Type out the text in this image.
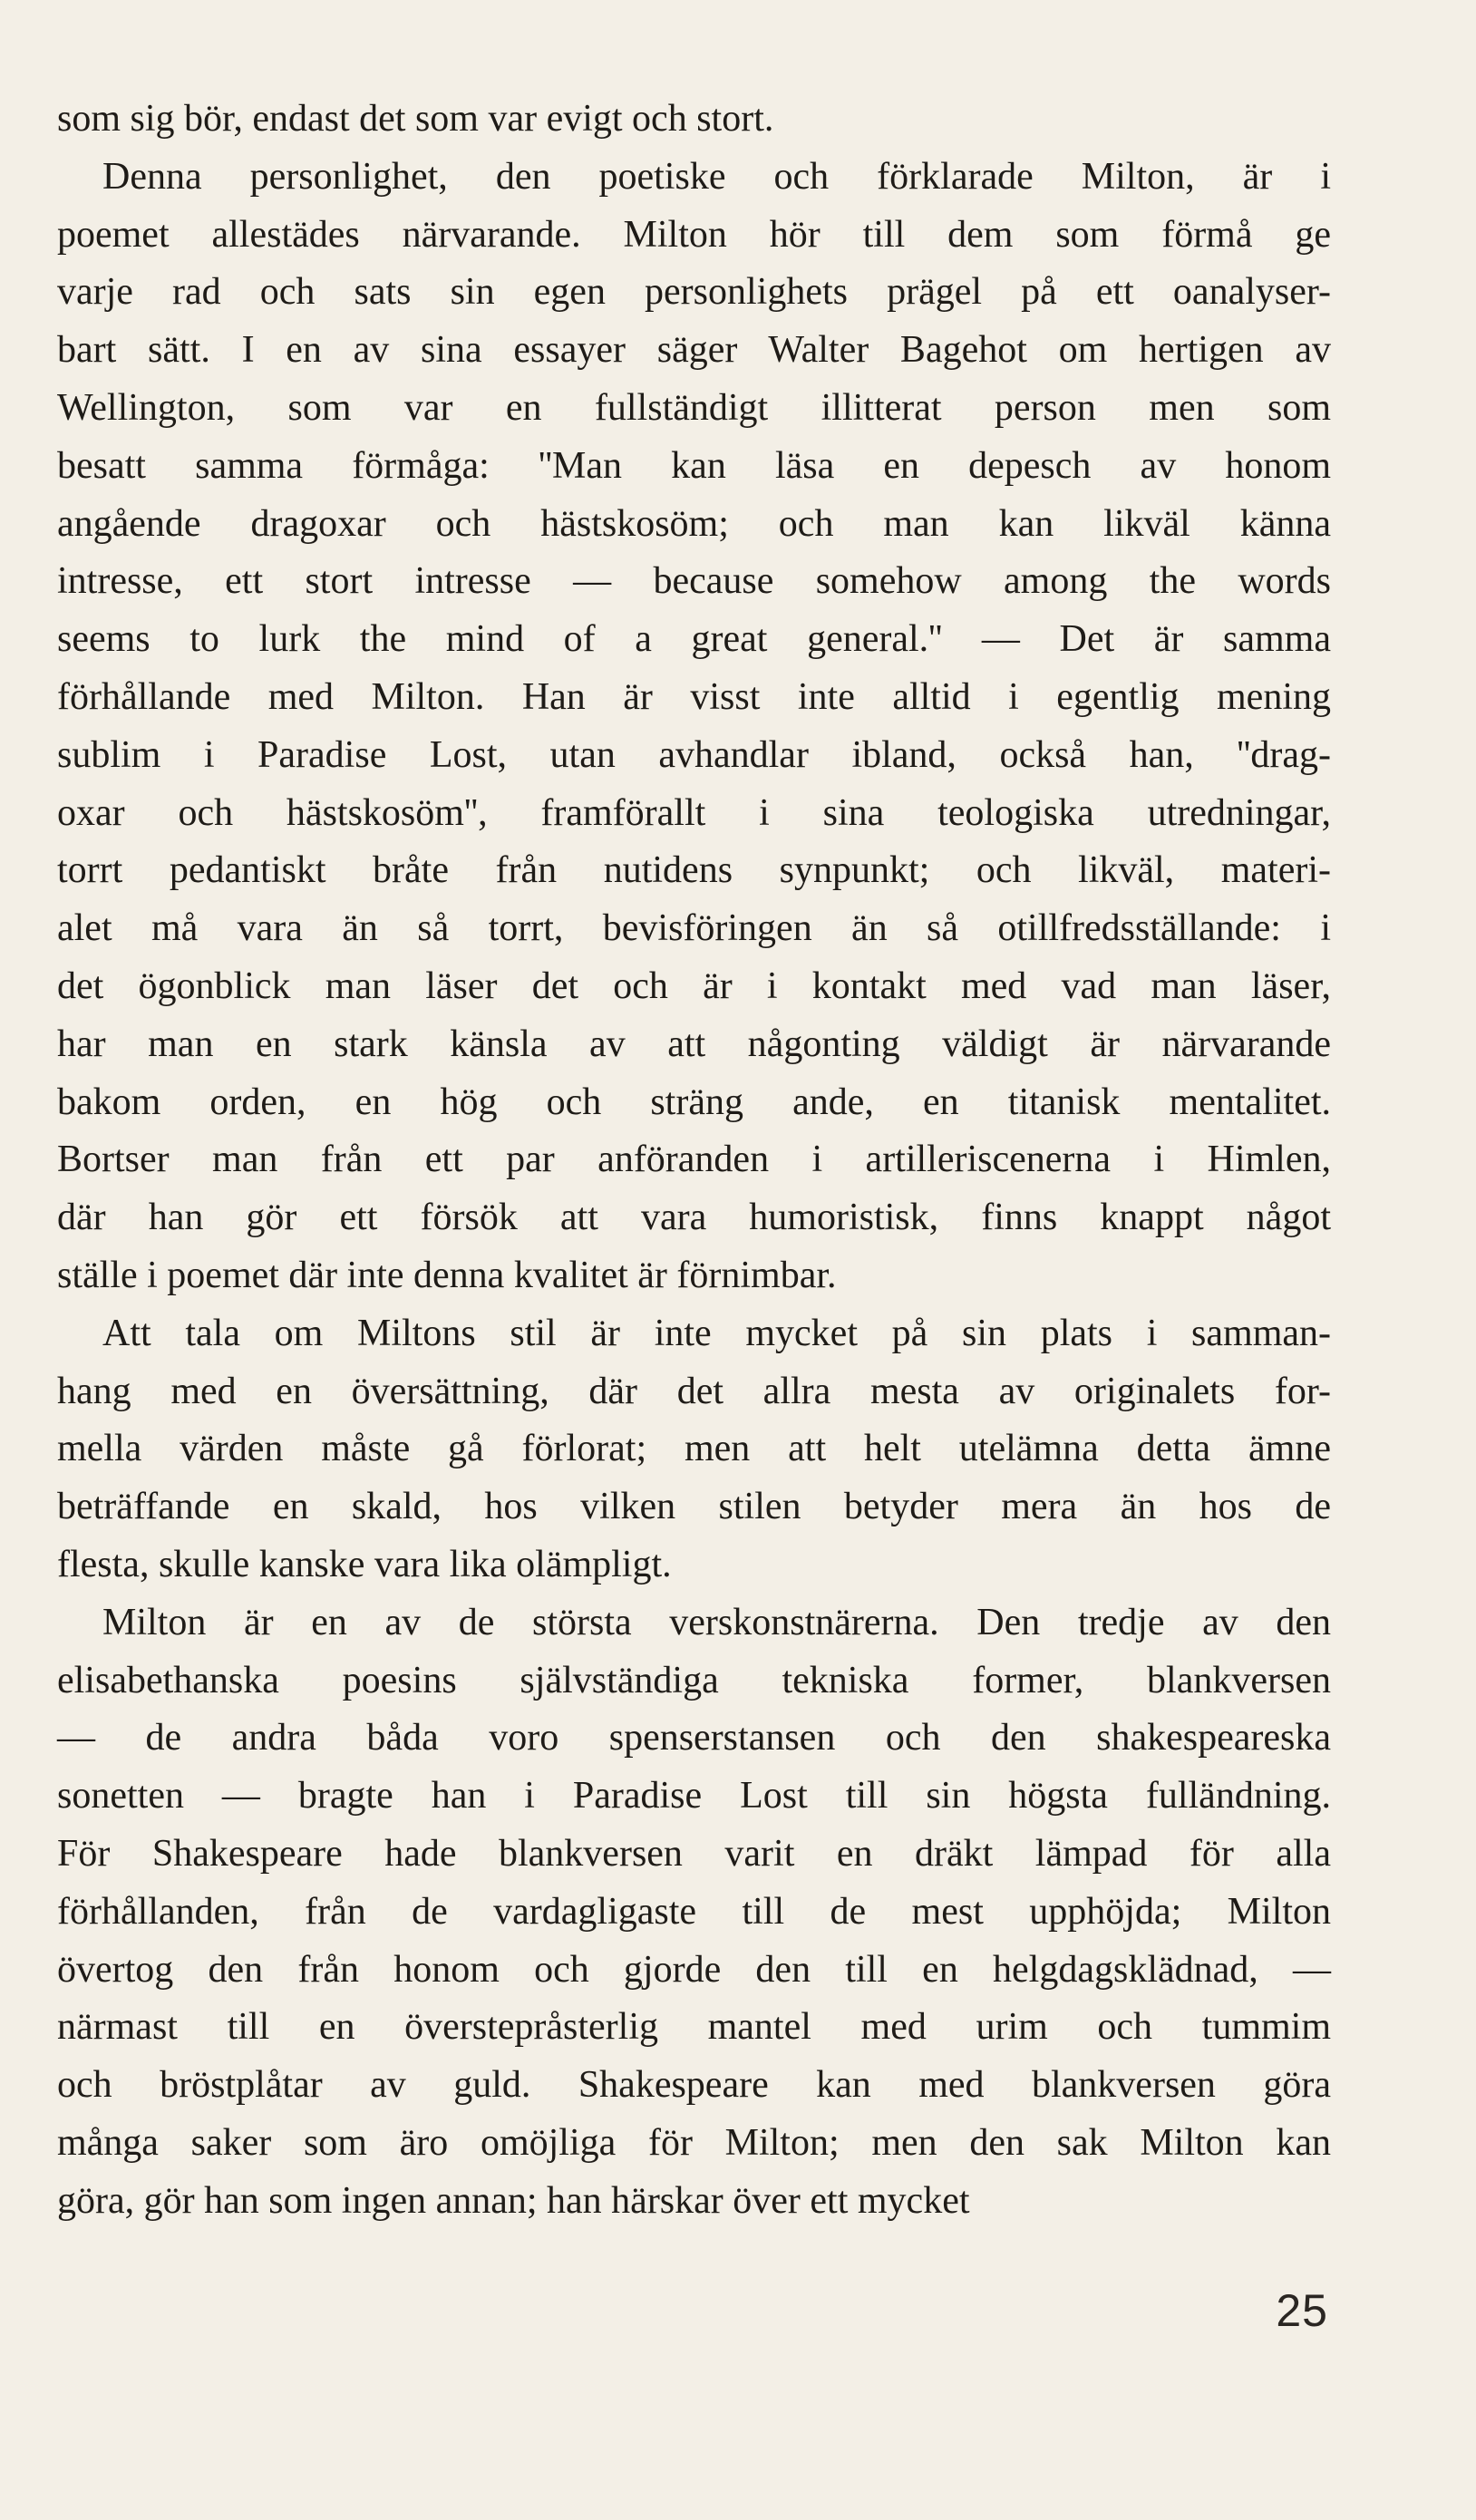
som sig bör, endast det som var evigt och stort.
Denna personlighet, den poetiske och förklarade Milton, är i
poemet allestädes närvarande. Milton hör till dem som förmå ge
varje rad och sats sin egen personlighets prägel på ett oanalyser-
bart sätt. I en av sina essayer säger Walter Bagehot om hertigen av
Wellington, som var en fullständigt illitterat person men som
besatt samma förmåga: ''Man kan läsa en depesch av honom
angående dragoxar och hästskosöm; och man kan likväl känna
intresse, ett stort intresse — because somehow among the words
seems to lurk the mind of a great general.'' — Det är samma
förhållande med Milton. Han är visst inte alltid i egentlig mening
sublim i Paradise Lost, utan avhandlar ibland, också han, ''drag-
oxar och hästskosöm'', framförallt i sina teologiska utredningar,
torrt pedantiskt bråte från nutidens synpunkt; och likväl, materi-
alet må vara än så torrt, bevisföringen än så otillfredsställande: i
det ögonblick man läser det och är i kontakt med vad man läser,
har man en stark känsla av att någonting väldigt är närvarande
bakom orden, en hög och sträng ande, en titanisk mentalitet.
Bortser man från ett par anföranden i artilleriscenerna i Himlen,
där han gör ett försök att vara humoristisk, finns knappt något
ställe i poemet där inte denna kvalitet är förnimbar.
Att tala om Miltons stil är inte mycket på sin plats i samman-
hang med en översättning, där det allra mesta av originalets for-
mella värden måste gå förlorat; men att helt utelämna detta ämne
beträffande en skald, hos vilken stilen betyder mera än hos de
flesta, skulle kanske vara lika olämpligt.
Milton är en av de största verskonstnärerna. Den tredje av den
elisabethanska poesins självständiga tekniska former, blankversen
— de andra båda voro spenserstansen och den shakespeareska
sonetten — bragte han i Paradise Lost till sin högsta fulländning.
För Shakespeare hade blankversen varit en dräkt lämpad för alla
förhållanden, från de vardagligaste till de mest upphöjda; Milton
övertog den från honom och gjorde den till en helgdagsklädnad, —
närmast till en överstepråsterlig mantel med urim och tummim
och bröstplåtar av guld. Shakespeare kan med blankversen göra
många saker som äro omöjliga för Milton; men den sak Milton kan
göra, gör han som ingen annan; han härskar över ett mycket
25
